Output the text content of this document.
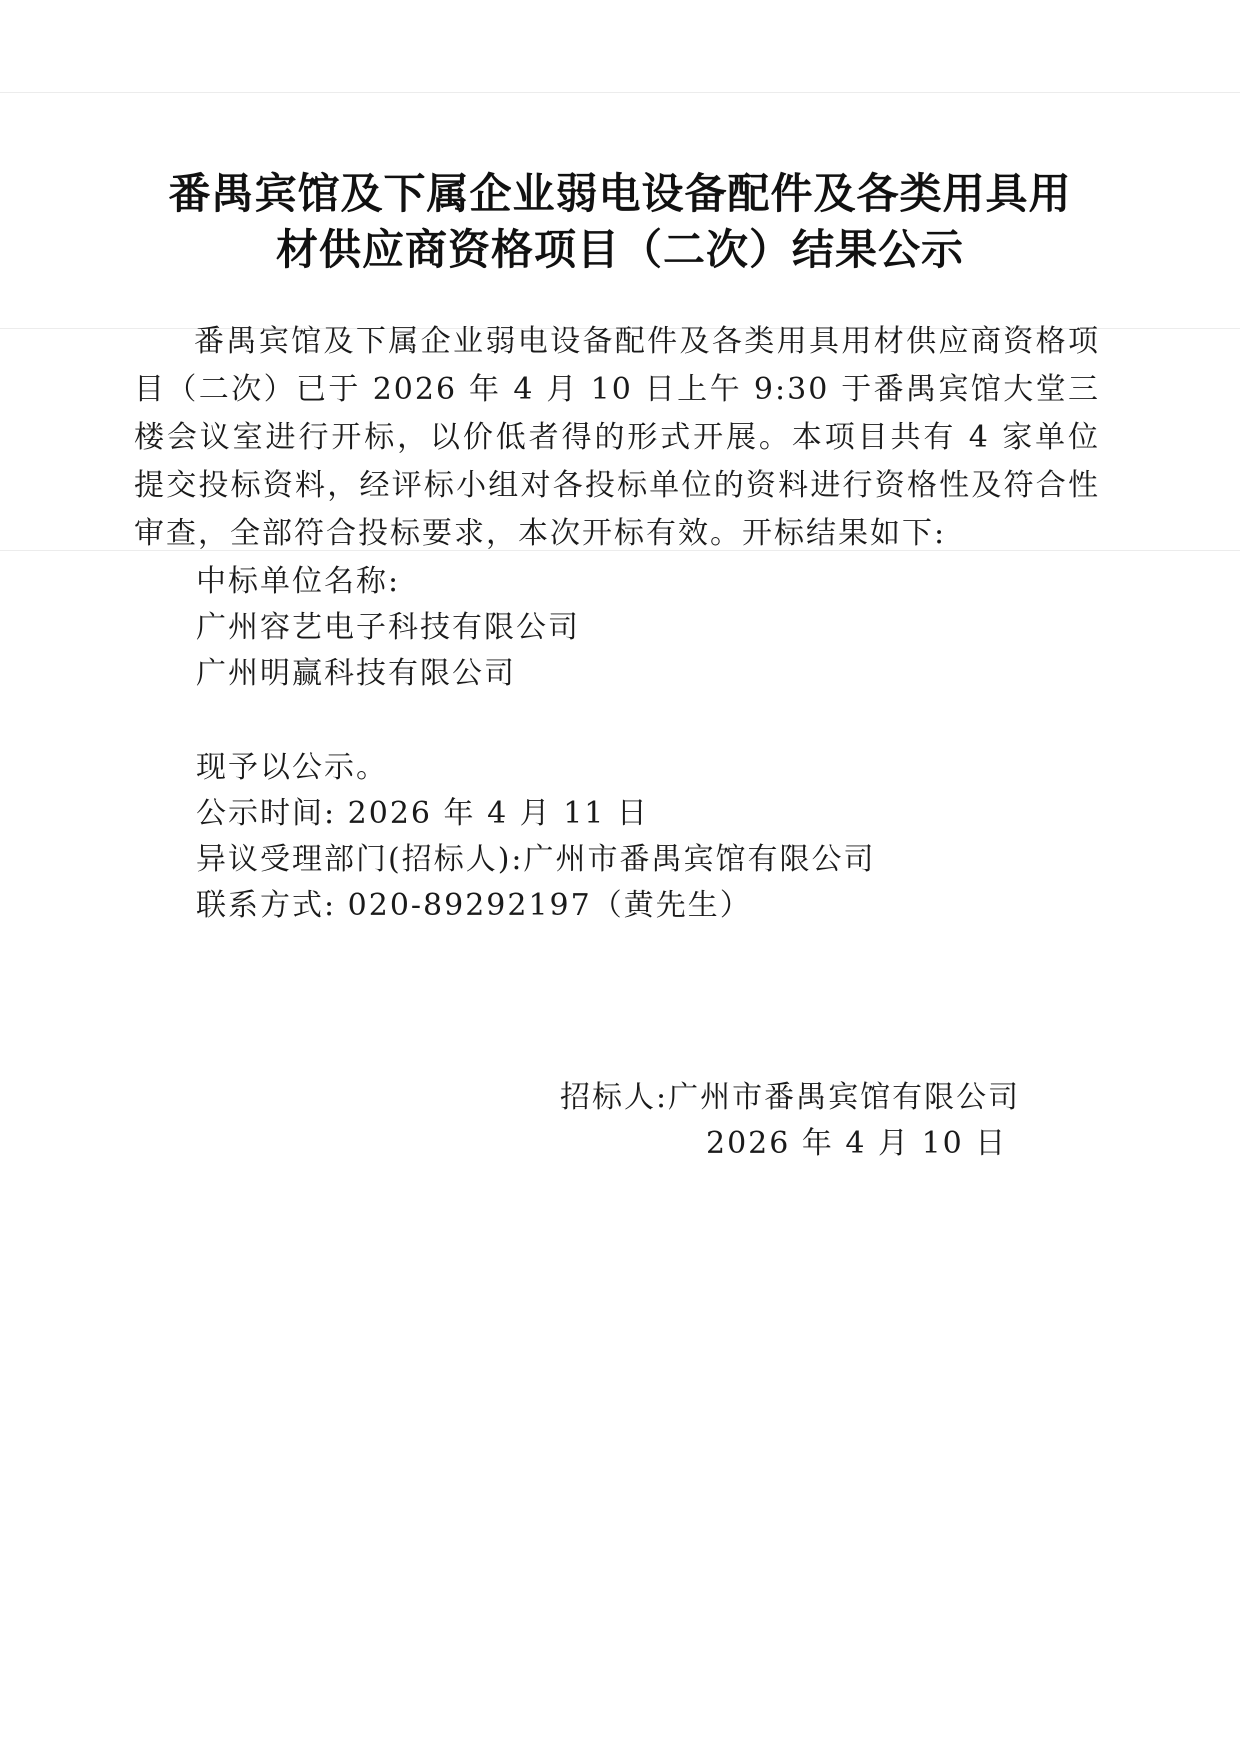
番禺宾馆及下属企业弱电设备配件及各类用具用
材供应商资格项目（二次）结果公示
番禺宾馆及下属企业弱电设备配件及各类用具用材供应商资格项目（二次）已于 2026 年 4 月 10 日上午 9:30 于番禺宾馆大堂三楼会议室进行开标，以价低者得的形式开展。本项目共有 4 家单位提交投标资料，经评标小组对各投标单位的资料进行资格性及符合性审查，全部符合投标要求，本次开标有效。开标结果如下:
中标单位名称:
广州容艺电子科技有限公司
广州明赢科技有限公司
现予以公示。
公示时间: 2026 年 4 月 11 日
异议受理部门(招标人):广州市番禺宾馆有限公司
联系方式: 020-89292197（黄先生）
招标人:广州市番禺宾馆有限公司
2026 年 4 月 10 日
